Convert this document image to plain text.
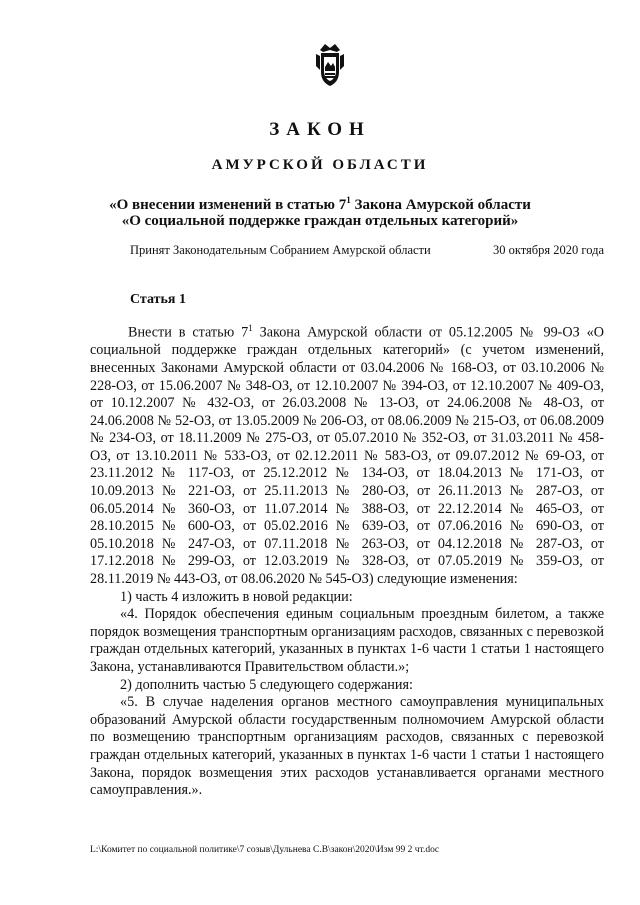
ЗАКОН
АМУРСКОЙ ОБЛАСТИ
«О внесении изменений в статью $7^1$ Закона Амурской области
«О социальной поддержке граждан отдельных категорий»
Принят Законодательным Собранием Амурской области	30 октября 2020 года
Статья 1

Внести в статью $7^1$ Закона Амурской области от 05.12.2005 № 99-ОЗ «О социальной поддержке граждан отдельных категорий» (с учетом изменений, внесенных Законами Амурской области от 03.04.2006 № 168-ОЗ, от 03.10.2006 № 228-ОЗ, от 15.06.2007 № 348-ОЗ, от 12.10.2007 № 394-ОЗ, от 12.10.2007 № 409-ОЗ, от 10.12.2007 № 432-ОЗ, от 26.03.2008 № 13-ОЗ, от 24.06.2008 № 48-ОЗ, от 24.06.2008 № 52-ОЗ, от 13.05.2009 № 206-ОЗ, от 08.06.2009 № 215-ОЗ, от 06.08.2009 № 234-ОЗ, от 18.11.2009 № 275-ОЗ, от 05.07.2010 № 352-ОЗ, от 31.03.2011 № 458-ОЗ, от 13.10.2011 № 533-ОЗ, от 02.12.2011 № 583-ОЗ, от 09.07.2012 № 69-ОЗ, от 23.11.2012 № 117-ОЗ, от 25.12.2012 № 134-ОЗ, от 18.04.2013 № 171-ОЗ, от 10.09.2013 № 221-ОЗ, от 25.11.2013 № 280-ОЗ, от 26.11.2013 № 287-ОЗ, от 06.05.2014 № 360-ОЗ, от 11.07.2014 № 388-ОЗ, от 22.12.2014 № 465-ОЗ, от 28.10.2015 № 600-ОЗ, от 05.02.2016 № 639-ОЗ, от 07.06.2016 № 690-ОЗ, от 05.10.2018 № 247-ОЗ, от 07.11.2018 № 263-ОЗ, от 04.12.2018 № 287-ОЗ, от 17.12.2018 № 299-ОЗ, от 12.03.2019 № 328-ОЗ, от 07.05.2019 № 359-ОЗ, от 28.11.2019 № 443-ОЗ, от 08.06.2020 № 545-ОЗ) следующие изменения:

1) часть 4 изложить в новой редакции:

«4. Порядок обеспечения единым социальным проездным билетом, а также порядок возмещения транспортным организациям расходов, связанных с перевозкой граждан отдельных категорий, указанных в пунктах 1-6 части 1 статьи 1 настоящего Закона, устанавливаются Правительством области.»;

2) дополнить частью 5 следующего содержания:

«5. В случае наделения органов местного самоуправления муниципальных образований Амурской области государственным полномочием Амурской области по возмещению транспортным организациям расходов, связанных с перевозкой граждан отдельных категорий, указанных в пунктах 1-6 части 1 статьи 1 настоящего Закона, порядок возмещения этих расходов устанавливается органами местного самоуправления.».

L:\Комитет по социальной политике\7 созыв\Дульнева С.В\закон\2020\Изм 99 2 чт.doc
